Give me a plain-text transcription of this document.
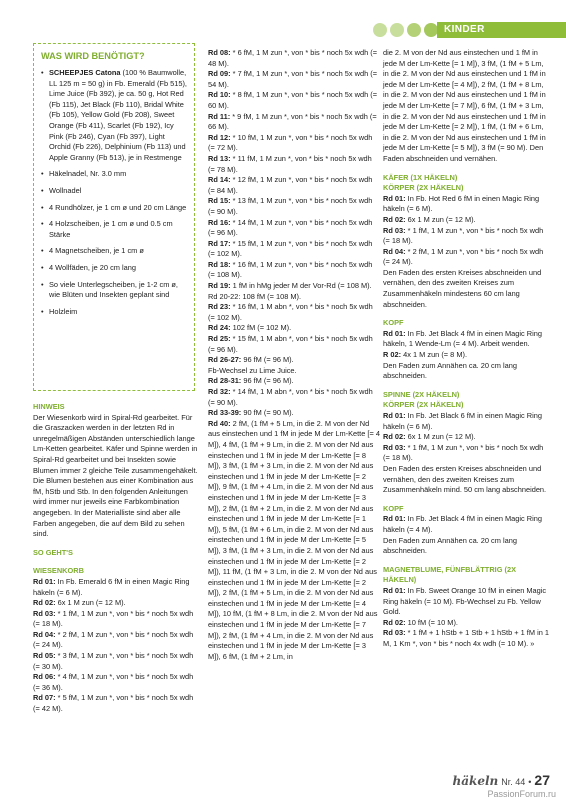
KINDER
WAS WIRD BENÖTIGT?
• SCHEEPJES Catona (100 % Baumwolle, LL 125 m = 50 g) in Fb. Emerald (Fb 515), Lime Juice (Fb 392), je ca. 50 g, Hot Red (Fb 115), Jet Black (Fb 110), Bridal White (Fb 105), Yellow Gold (Fb 208), Sweet Orange (Fb 411), Scarlet (Fb 192), Icy Pink (Fb 246), Cyan (Fb 397), Light Orchid (Fb 226), Delphinium (Fb 113) und Apple Granny (Fb 513), je in Restmenge
• Häkelnadel, Nr. 3.0 mm
• Wollnadel
• 4 Rundhölzer, je 1 cm ø und 20 cm Länge
• 4 Holzscheiben, je 1 cm ø und 0.5 cm Stärke
• 4 Magnetscheiben, je 1 cm ø
• 4 Wollfäden, je 20 cm lang
• So viele Unterlegscheiben, je 1-2 cm ø, wie Blüten und Insekten geplant sind
• Holzleim

HINWEIS

Der Wiesenkorb wird in Spiral-Rd gearbeitet. Für die Graszacken werden in der letzten Rd in unregelmäßigen Abständen unterschiedlich lange Lm-Ketten gearbeitet. Käfer und Spinne werden in Spiral-Rd gearbeitet und bei Insekten sowie Blumen immer 2 gleiche Teile zusammengehäkelt. Die Blumen bestehen aus einer Kombination aus fM, hStb und Stb. In den folgenden Anleitungen wird immer nur jeweils eine Farbkombination angegeben. In der Materialliste sind aber alle Farben angegeben, die auf dem Bild zu sehen sind.

SO GEHT'S

WIESENKORB

Rd 01: In Fb. Emerald 6 fM in einen Magic Ring häkeln (= 6 M).

Rd 02: 6x 1 M zun (= 12 M).

Rd 03: * 1 fM, 1 M zun *, von * bis * noch 5x wdh (= 18 M).

Rd 04: * 2 fM, 1 M zun *, von * bis * noch 5x wdh (= 24 M).

Rd 05: * 3 fM, 1 M zun *, von * bis * noch 5x wdh (= 30 M).

Rd 06: * 4 fM, 1 M zun *, von * bis * noch 5x wdh (= 36 M).

Rd 07: * 5 fM, 1 M zun *, von * bis * noch 5x wdh (= 42 M).

Rd 08: * 6 fM, 1 M zun *, von * bis * noch 5x wdh (= 48 M).

Rd 09: * 7 fM, 1 M zun *, von * bis * noch 5x wdh (= 54 M).

Rd 10: * 8 fM, 1 M zun *, von * bis * noch 5x wdh (= 60 M).

Rd 11: * 9 fM, 1 M zun *, von * bis * noch 5x wdh (= 66 M).

Rd 12: * 10 fM, 1 M zun *, von * bis * noch 5x wdh (= 72 M).

Rd 13: * 11 fM, 1 M zun *, von * bis * noch 5x wdh (= 78 M).

Rd 14: * 12 fM, 1 M zun *, von * bis * noch 5x wdh (= 84 M).

Rd 15: * 13 fM, 1 M zun *, von * bis * noch 5x wdh (= 90 M).

Rd 16: * 14 fM, 1 M zun *, von * bis * noch 5x wdh (= 96 M).

Rd 17: * 15 fM, 1 M zun *, von * bis * noch 5x wdh (= 102 M).

Rd 18: * 16 fM, 1 M zun *, von * bis * noch 5x wdh (= 108 M).

Rd 19: 1 fM in hMg jeder M der Vor-Rd (= 108 M).

Rd 20-22: 108 fM (= 108 M).

Rd 23: * 16 fM, 1 M abn *, von * bis * noch 5x wdh (= 102 M).

Rd 24: 102 fM (= 102 M).

Rd 25: * 15 fM, 1 M abn *, von * bis * noch 5x wdh (= 96 M).

Rd 26-27: 96 fM (= 96 M).

Fb-Wechsel zu Lime Juice.

Rd 28-31: 96 fM (= 96 M).

Rd 32: * 14 fM, 1 M abn *, von * bis * noch 5x wdh (= 90 M).

Rd 33-39: 90 fM (= 90 M).

Rd 40: 2 fM, (1 fM + 5 Lm, in die 2. M von der Nd aus einstechen und 1 fM in jede M der Lm-Kette [= 4 M]), 4 fM, (1 fM + 9 Lm, in die 2. M von der Nd aus einstechen und 1 fM in jede M der Lm-Kette [= 8 M]), 3 fM, (1 fM + 3 Lm, in die 2. M von der Nd aus einstechen und 1 fM in jede M der Lm-Kette [= 2 M]), 9 fM, (1 fM + 4 Lm, in die 2. M von der Nd aus einstechen und 1 fM in jede M der Lm-Kette [= 3 M]), 2 fM, (1 fM + 2 Lm, in die 2. M von der Nd aus einstechen und 1 fM in jede M der Lm-Kette [= 1 M]), 5 fM, (1 fM + 6 Lm, in die 2. M von der Nd aus einstechen und 1 fM in jede M der Lm-Kette [= 5 M]), 3 fM, (1 fM + 3 Lm, in die 2. M von der Nd aus einstechen und 1 fM in jede M der Lm-Kette [= 2 M]), 11 fM, (1 fM + 3 Lm, in die 2. M von der Nd aus einstechen und 1 fM in jede M der Lm-Kette [= 2 M]), 2 fM, (1 fM + 5 Lm, in die 2. M von der Nd aus einstechen und 1 fM in jede M der Lm-Kette [= 4 M]), 10 fM, (1 fM + 8 Lm, in die 2. M von der Nd aus einstechen und 1 fM in jede M der Lm-Kette [= 7 M]), 2 fM, (1 fM + 4 Lm, in die 2. M von der Nd aus einstechen und 1 fM in jede M der Lm-Kette [= 3 M]), 6 fM, (1 fM + 2 Lm, in

die 2. M von der Nd aus einstechen und 1 fM in jede M der Lm-Kette [= 1 M]), 3 fM, (1 fM + 5 Lm, in die 2. M von der Nd aus einstechen und 1 fM in jede M der Lm-Kette [= 4 M]), 2 fM, (1 fM + 8 Lm, in die 2. M von der Nd aus einstechen und 1 fM in jede M der Lm-Kette [= 7 M]), 6 fM, (1 fM + 3 Lm, in die 2. M von der Nd aus einstechen und 1 fM in jede M der Lm-Kette [= 2 M]), 1 fM, (1 fM + 6 Lm, in die 2. M von der Nd aus einstechen und 1 fM in jede M der Lm-Kette [= 5 M]), 3 fM (= 90 M). Den Faden abschneiden und vernähen.

KÄFER (1X HÄKELN)

KÖRPER (2X HÄKELN)

Rd 01: In Fb. Hot Red 6 fM in einen Magic Ring häkeln (= 6 M).

Rd 02: 6x 1 M zun (= 12 M).

Rd 03: * 1 fM, 1 M zun *, von * bis * noch 5x wdh (= 18 M).

Rd 04: * 2 fM, 1 M zun *, von * bis * noch 5x wdh (= 24 M).

Den Faden des ersten Kreises abschneiden und vernähen, den des zweiten Kreises zum Zusammenhäkeln mindestens 60 cm lang abschneiden.

KOPF

Rd 01: In Fb. Jet Black 4 fM in einen Magic Ring häkeln, 1 Wende-Lm (= 4 M). Arbeit wenden.

R 02: 4x 1 M zun (= 8 M).

Den Faden zum Annähen ca. 20 cm lang abschneiden.

SPINNE (2X HÄKELN)

KÖRPER (2X HÄKELN)

Rd 01: In Fb. Jet Black 6 fM in einen Magic Ring häkeln (= 6 M).

Rd 02: 6x 1 M zun (= 12 M).

Rd 03: * 1 fM, 1 M zun *, von * bis * noch 5x wdh (= 18 M).

Den Faden des ersten Kreises abschneiden und vernähen, den des zweiten Kreises zum Zusammenhäkeln mind. 50 cm lang abschneiden.

KOPF

Rd 01: In Fb. Jet Black 4 fM in einen Magic Ring häkeln (= 4 M).

Den Faden zum Annähen ca. 20 cm lang abschneiden.

MAGNETBLUME, FÜNFBLÄTTRIG (2X HÄKELN)

Rd 01: In Fb. Sweet Orange 10 fM in einen Magic Ring häkeln (= 10 M). Fb-Wechsel zu Fb. Yellow Gold.

Rd 02: 10 fM (= 10 M).

Rd 03: * 1 fM + 1 hStb + 1 Stb + 1 hStb + 1 fM in 1 M, 1 Km *, von * bis * noch 4x wdh (= 10 M). »

häkeln Nr. 44 • 27
PassionForum.ru
